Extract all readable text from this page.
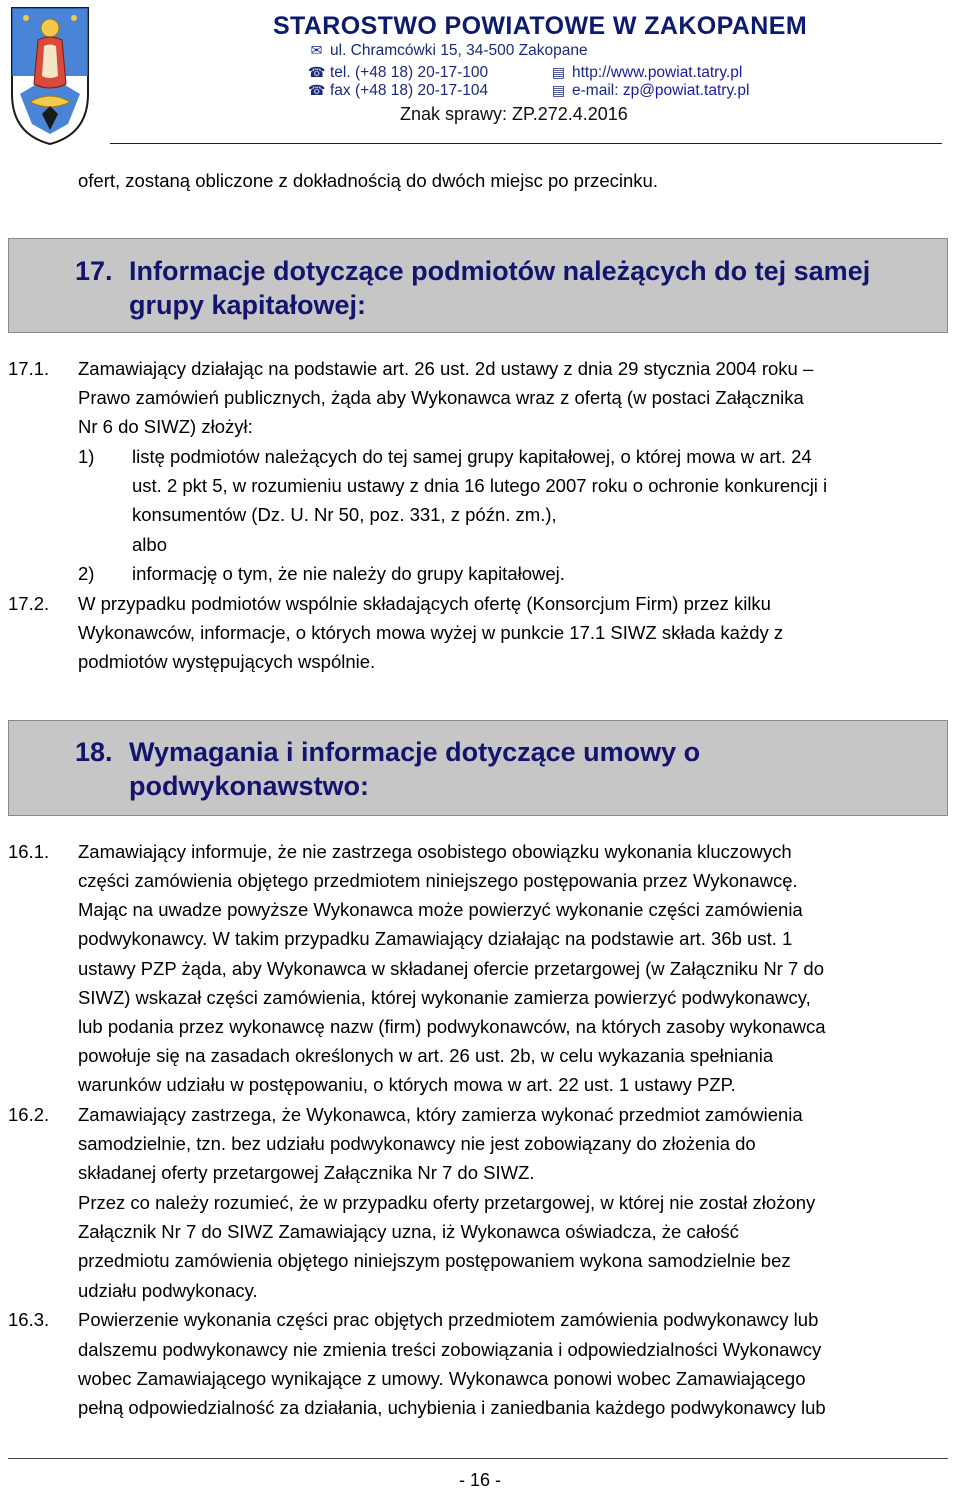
STAROSTWO POWIATOWE W ZAKOPANEM
✉ ul. Chramcówki 15, 34-500 Zakopane
☎ tel. (+48 18) 20-17-100
☎ fax (+48 18) 20-17-104
▤ http://www.powiat.tatry.pl
▤ e-mail: zp@powiat.tatry.pl
Znak sprawy: ZP.272.4.2016
ofert, zostaną obliczone z dokładnością do dwóch miejsc po przecinku.
17. Informacje dotyczące podmiotów należących do tej samej
grupy kapitałowej:
17.1. Zamawiający działając na podstawie art. 26 ust. 2d ustawy z dnia 29 stycznia 2004 roku –
Prawo zamówień publicznych, żąda aby Wykonawca wraz z ofertą (w postaci Załącznika
Nr 6 do SIWZ) złożył:
1) listę podmiotów należących do tej samej grupy kapitałowej, o której mowa w art. 24
ust. 2 pkt 5, w rozumieniu ustawy z dnia 16 lutego 2007 roku o ochronie konkurencji i
konsumentów (Dz. U. Nr 50, poz. 331, z późn. zm.),
albo
2) informację o tym, że nie należy do grupy kapitałowej.
17.2. W przypadku podmiotów wspólnie składających ofertę (Konsorcjum Firm) przez kilku
Wykonawców, informacje, o których mowa wyżej w punkcie 17.1 SIWZ składa każdy z
podmiotów występujących wspólnie.
18. Wymagania i informacje dotyczące umowy o
podwykonawstwo:
16.1. Zamawiający informuje, że nie zastrzega osobistego obowiązku wykonania kluczowych
części zamówienia objętego przedmiotem niniejszego postępowania przez Wykonawcę.
Mając na uwadze powyższe Wykonawca może powierzyć wykonanie części zamówienia
podwykonawcy. W takim przypadku Zamawiający działając na podstawie art. 36b ust. 1
ustawy PZP żąda, aby Wykonawca w składanej ofercie przetargowej (w Załączniku Nr 7 do
SIWZ) wskazał części zamówienia, której wykonanie zamierza powierzyć podwykonawcy,
lub podania przez wykonawcę nazw (firm) podwykonawców, na których zasoby wykonawca
powołuje się na zasadach określonych w art. 26 ust. 2b, w celu wykazania spełniania
warunków udziału w postępowaniu, o których mowa w art. 22 ust. 1 ustawy PZP.
16.2. Zamawiający zastrzega, że Wykonawca, który zamierza wykonać przedmiot zamówienia
samodzielnie, tzn. bez udziału podwykonawcy nie jest zobowiązany do złożenia do
składanej oferty przetargowej Załącznika Nr 7 do SIWZ.
Przez co należy rozumieć, że w przypadku oferty przetargowej, w której nie został złożony
Załącznik Nr 7 do SIWZ Zamawiający uzna, iż Wykonawca oświadcza, że całość
przedmiotu zamówienia objętego niniejszym postępowaniem wykona samodzielnie bez
udziału podwykonacy.
16.3. Powierzenie wykonania części prac objętych przedmiotem zamówienia podwykonawcy lub
dalszemu podwykonawcy nie zmienia treści zobowiązania i odpowiedzialności Wykonawcy
wobec Zamawiającego wynikające z umowy. Wykonawca ponowi wobec Zamawiającego
pełną odpowiedzialność za działania, uchybienia i zaniedbania każdego podwykonawcy lub
- 16 -
